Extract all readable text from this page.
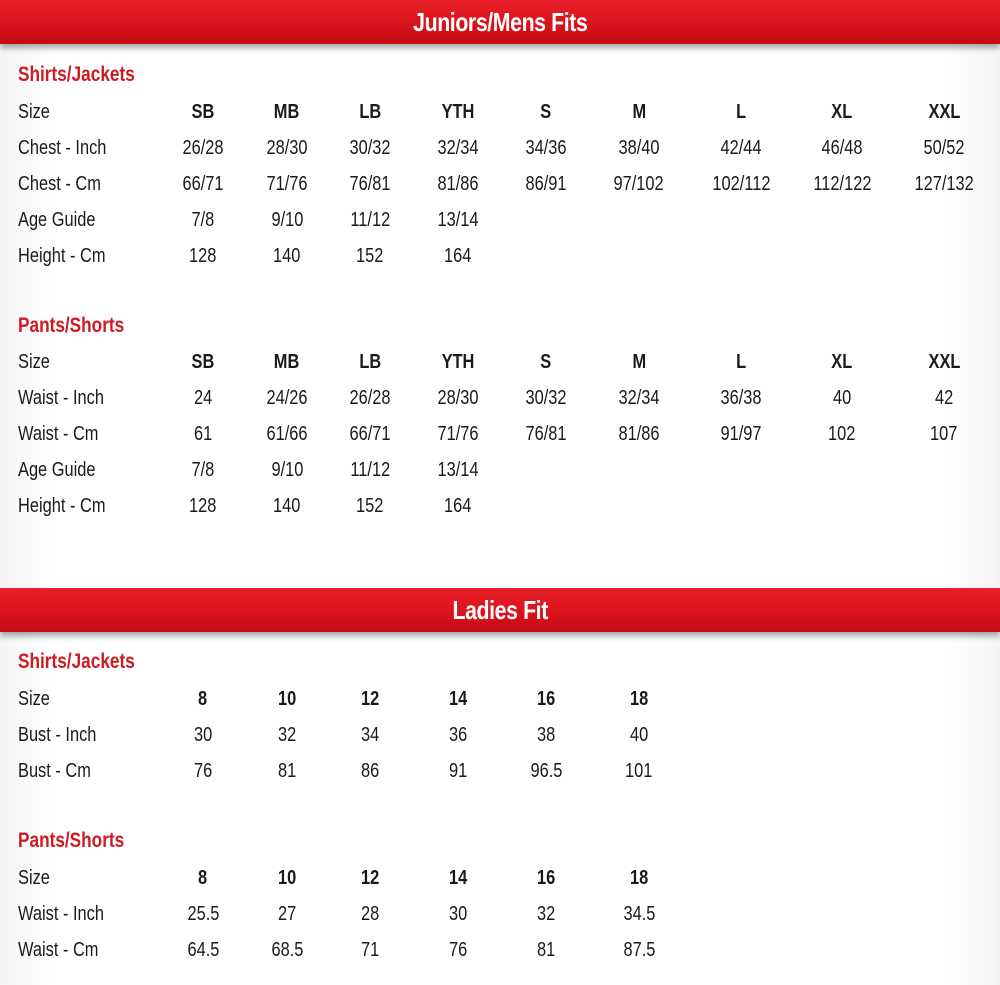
Juniors/Mens Fits
Ladies Fit
Shirts/Jackets
Size	SB	MB	LB	YTH	S	M	L	XL	XXL
Chest - Inch	26/28	28/30	30/32	32/34	34/36	38/40	42/44	46/48	50/52
Chest - Cm	66/71	71/76	76/81	81/86	86/91	97/102	102/112	112/122	127/132
Age Guide	7/8	9/10	11/12	13/14
Height - Cm	128	140	152	164
Pants/Shorts
Size	SB	MB	LB	YTH	S	M	L	XL	XXL
Waist - Inch	24	24/26	26/28	28/30	30/32	32/34	36/38	40	42
Waist - Cm	61	61/66	66/71	71/76	76/81	81/86	91/97	102	107
Age Guide	7/8	9/10	11/12	13/14
Height - Cm	128	140	152	164
Shirts/Jackets
Size	8	10	12	14	16	18
Bust - Inch	30	32	34	36	38	40
Bust - Cm	76	81	86	91	96.5	101
Pants/Shorts
Size	8	10	12	14	16	18
Waist - Inch	25.5	27	28	30	32	34.5
Waist - Cm	64.5	68.5	71	76	81	87.5
